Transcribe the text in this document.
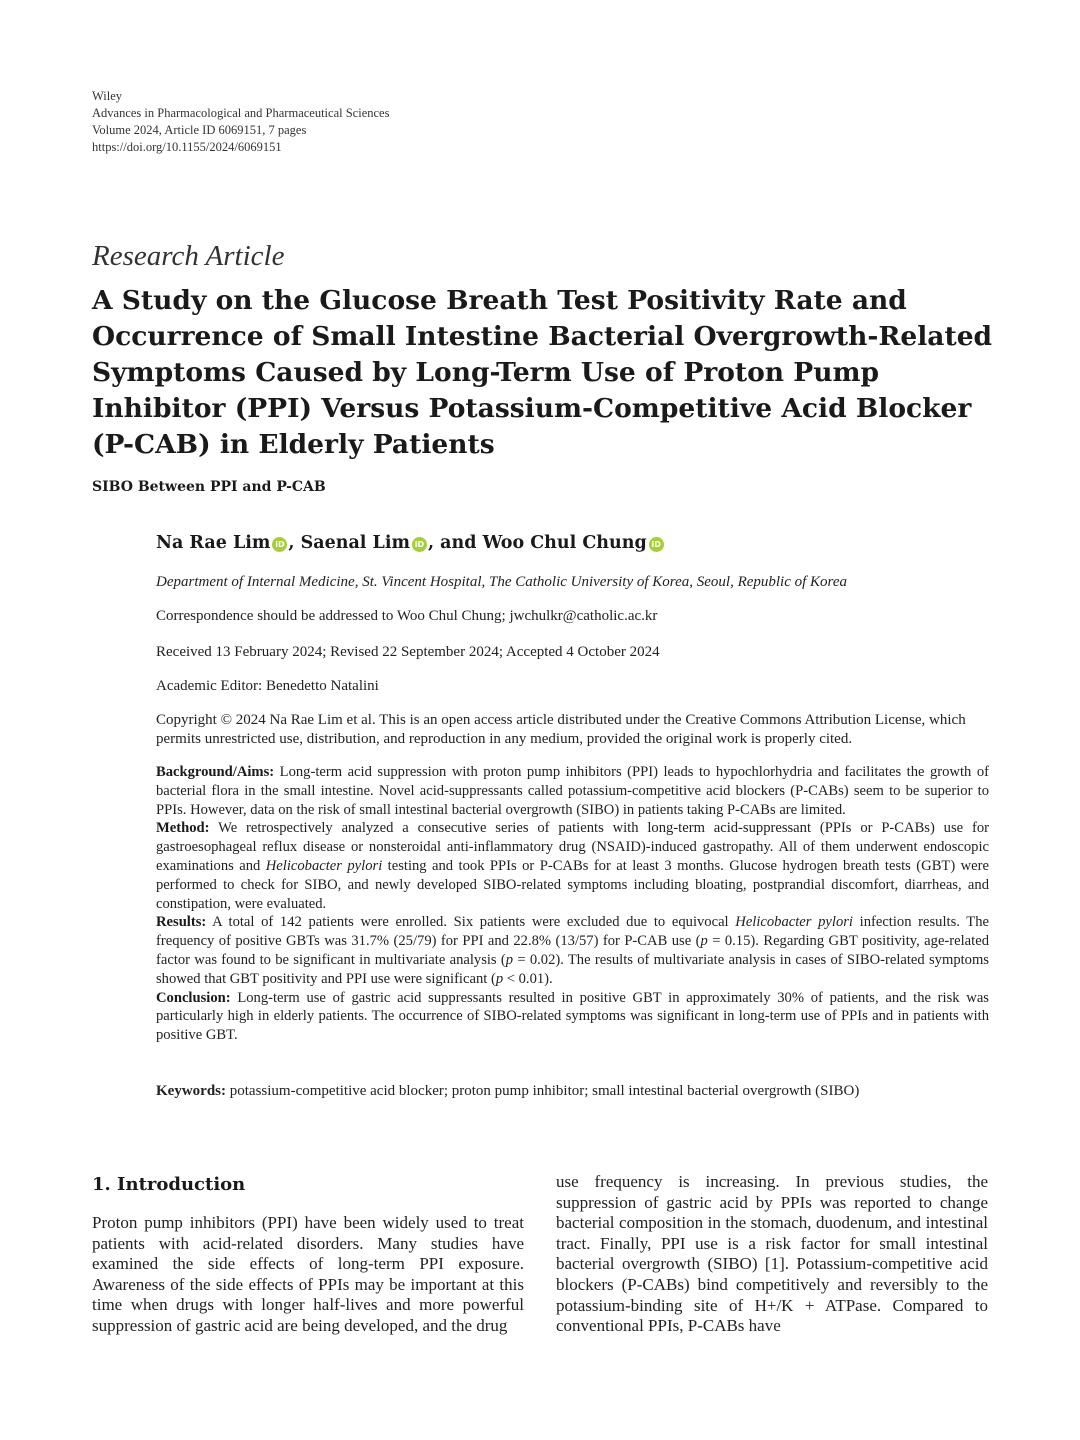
Wiley
Advances in Pharmacological and Pharmaceutical Sciences
Volume 2024, Article ID 6069151, 7 pages
https://doi.org/10.1155/2024/6069151
Research Article
A Study on the Glucose Breath Test Positivity Rate and Occurrence of Small Intestine Bacterial Overgrowth-Related Symptoms Caused by Long-Term Use of Proton Pump Inhibitor (PPI) Versus Potassium-Competitive Acid Blocker (P-CAB) in Elderly Patients
SIBO Between PPI and P-CAB
Na Rae Lim iD , Saenal Lim iD , and Woo Chul Chung iD
Department of Internal Medicine, St. Vincent Hospital, The Catholic University of Korea, Seoul, Republic of Korea
Correspondence should be addressed to Woo Chul Chung; jwchulkr@catholic.ac.kr
Received 13 February 2024; Revised 22 September 2024; Accepted 4 October 2024
Academic Editor: Benedetto Natalini
Copyright © 2024 Na Rae Lim et al. This is an open access article distributed under the Creative Commons Attribution License, which permits unrestricted use, distribution, and reproduction in any medium, provided the original work is properly cited.

Background/Aims: Long-term acid suppression with proton pump inhibitors (PPI) leads to hypochlorhydria and facilitates the growth of bacterial flora in the small intestine. Novel acid-suppressants called potassium-competitive acid blockers (P-CABs) seem to be superior to PPIs. However, data on the risk of small intestinal bacterial overgrowth (SIBO) in patients taking P-CABs are limited.

Method: We retrospectively analyzed a consecutive series of patients with long-term acid-suppressant (PPIs or P-CABs) use for gastroesophageal reflux disease or nonsteroidal anti-inflammatory drug (NSAID)-induced gastropathy. All of them underwent endoscopic examinations and Helicobacter pylori testing and took PPIs or P-CABs for at least 3 months. Glucose hydrogen breath tests (GBT) were performed to check for SIBO, and newly developed SIBO-related symptoms including bloating, postprandial discomfort, diarrheas, and constipation, were evaluated.

Results: A total of 142 patients were enrolled. Six patients were excluded due to equivocal Helicobacter pylori infection results. The frequency of positive GBTs was 31.7% (25/79) for PPI and 22.8% (13/57) for P-CAB use (p = 0.15). Regarding GBT positivity, age-related factor was found to be significant in multivariate analysis (p = 0.02). The results of multivariate analysis in cases of SIBO-related symptoms showed that GBT positivity and PPI use were significant (p < 0.01).

Conclusion: Long-term use of gastric acid suppressants resulted in positive GBT in approximately 30% of patients, and the risk was particularly high in elderly patients. The occurrence of SIBO-related symptoms was significant in long-term use of PPIs and in patients with positive GBT.

Keywords: potassium-competitive acid blocker; proton pump inhibitor; small intestinal bacterial overgrowth (SIBO)
1. Introduction

Proton pump inhibitors (PPI) have been widely used to treat patients with acid-related disorders. Many studies have examined the side effects of long-term PPI exposure. Awareness of the side effects of PPIs may be important at this time when drugs with longer half-lives and more powerful suppression of gastric acid are being developed, and the drug

use frequency is increasing. In previous studies, the suppression of gastric acid by PPIs was reported to change bacterial composition in the stomach, duodenum, and intestinal tract. Finally, PPI use is a risk factor for small intestinal bacterial overgrowth (SIBO) [1]. Potassium-competitive acid blockers (P-CABs) bind competitively and reversibly to the potassium-binding site of H+/K + ATPase. Compared to conventional PPIs, P-CABs have
